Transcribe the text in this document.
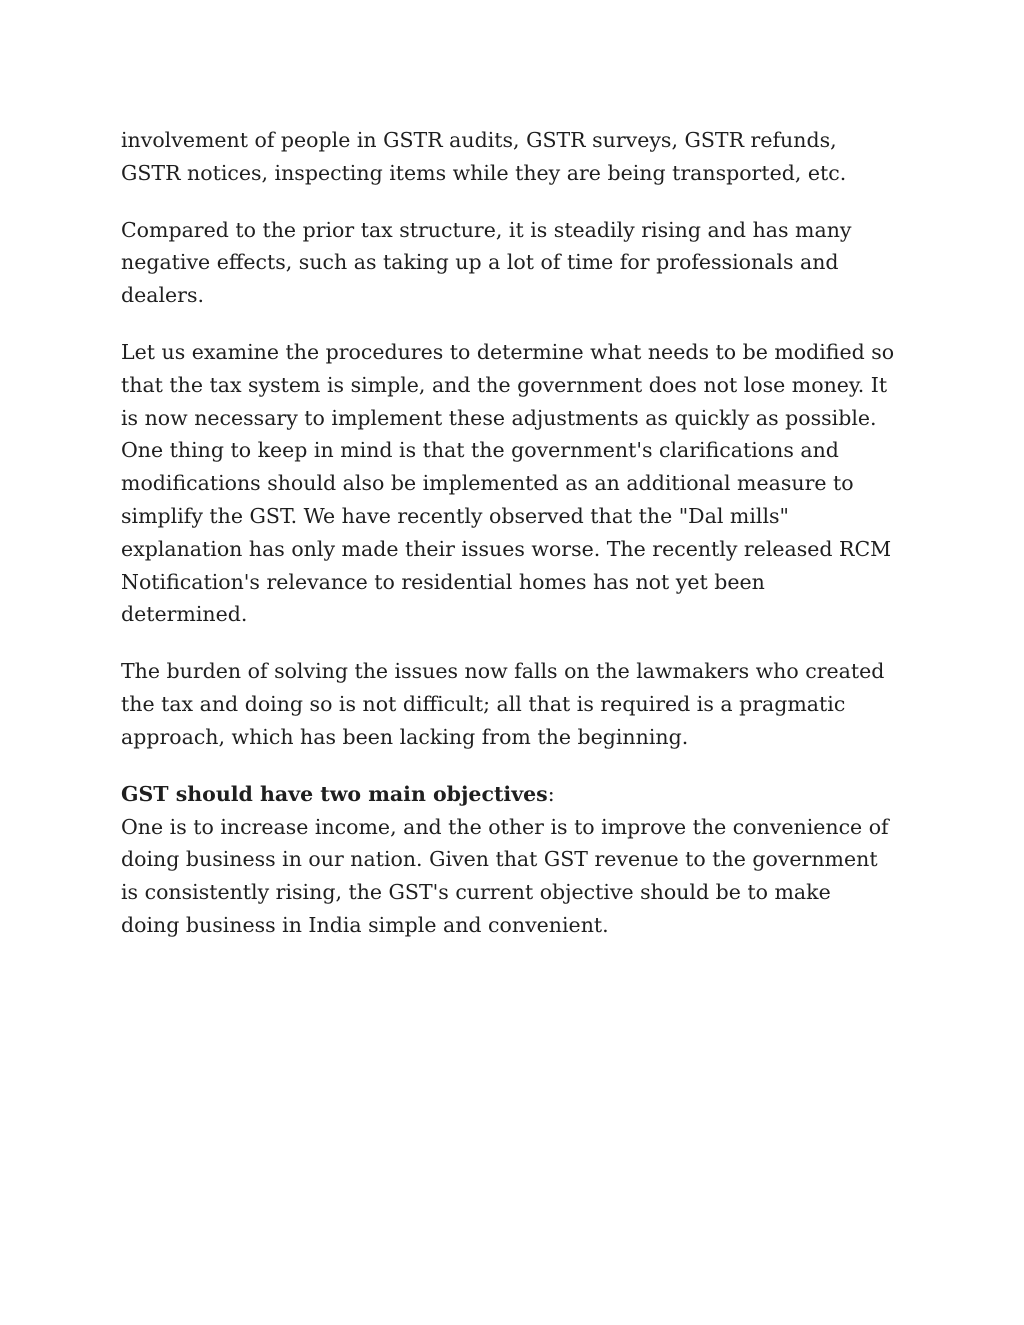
involvement of people in GSTR audits, GSTR surveys, GSTR refunds,
GSTR notices, inspecting items while they are being transported, etc.

Compared to the prior tax structure, it is steadily rising and has many
negative effects, such as taking up a lot of time for professionals and
dealers.

Let us examine the procedures to determine what needs to be modified so
that the tax system is simple, and the government does not lose money. It
is now necessary to implement these adjustments as quickly as possible.
One thing to keep in mind is that the government's clarifications and
modifications should also be implemented as an additional measure to
simplify the GST. We have recently observed that the "Dal mills"
explanation has only made their issues worse. The recently released RCM
Notification's relevance to residential homes has not yet been
determined.

The burden of solving the issues now falls on the lawmakers who created
the tax and doing so is not difficult; all that is required is a pragmatic
approach, which has been lacking from the beginning.

GST should have two main objectives:

One is to increase income, and the other is to improve the convenience of
doing business in our nation. Given that GST revenue to the government
is consistently rising, the GST's current objective should be to make
doing business in India simple and convenient.
